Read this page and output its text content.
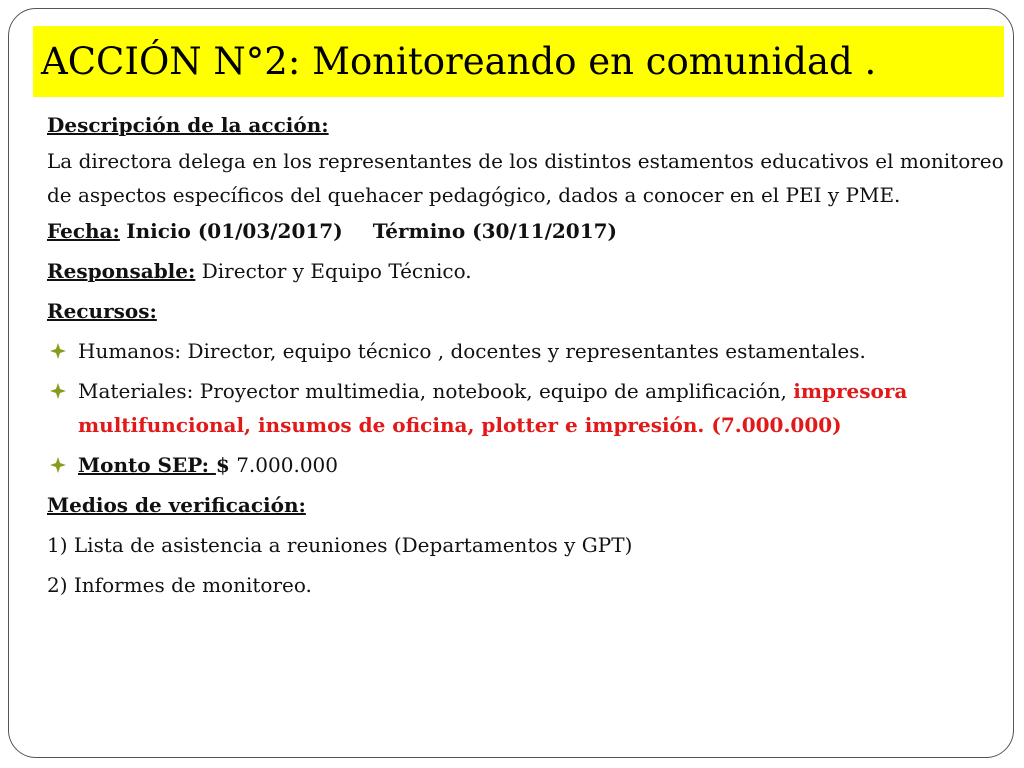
ACCIÓN N°2: Monitoreando en comunidad .
Descripción de la acción:

La directora delega en los representantes de los distintos estamentos educativos el monitoreo de aspectos específicos del quehacer pedagógico, dados a conocer en el PEI y PME.

Fecha: Inicio (01/03/2017) Término (30/11/2017)
Responsable: Director y Equipo Técnico.
Recursos:
Humanos: Director, equipo técnico , docentes y representantes estamentales.
Materiales: Proyector multimedia, notebook, equipo de amplificación, impresora multifuncional, insumos de oficina, plotter e impresión. (7.000.000)
Monto SEP: $ 7.000.000
Medios de verificación:
1) Lista de asistencia a reuniones (Departamentos y GPT)
2) Informes de monitoreo.
